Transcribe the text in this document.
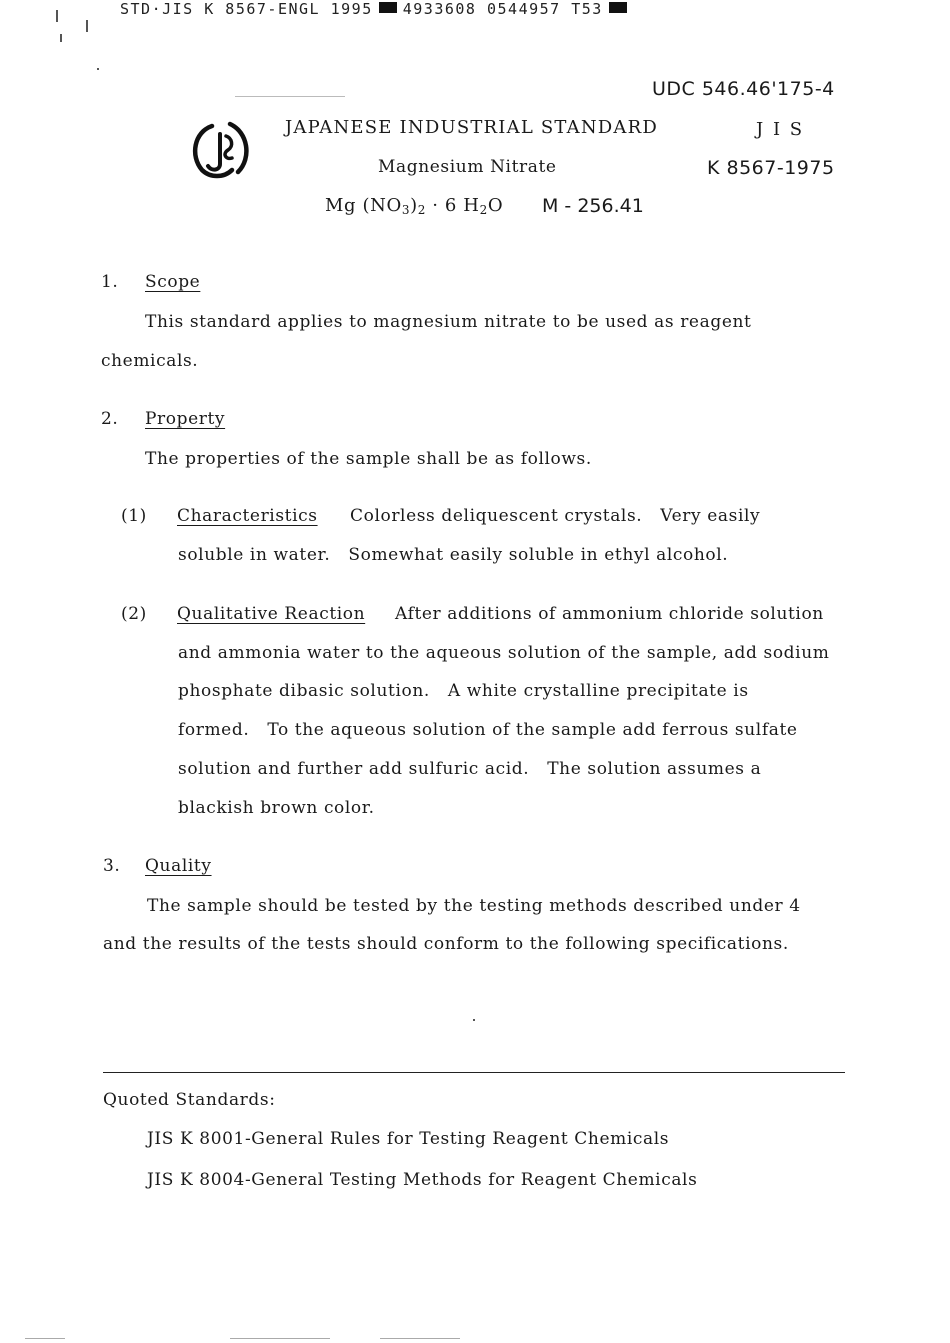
STD·JIS K 8567-ENGL 1995 4933608 0544957 T53
UDC 546.46'175-4
JAPANESE INDUSTRIAL STANDARD	J I S
Magnesium Nitrate	K 8567-1975
Mg $(NO_3)_2 \cdot 6$ $H_2O$ M - 256.41
1. Scope
This standard applies to magnesium nitrate to be used as reagent
chemicals.
2. Property
The properties of the sample shall be as follows.
(1) Characteristics Colorless deliquescent crystals.   Very easily
soluble in water.   Somewhat easily soluble in ethyl alcohol.
(2) Qualitative Reaction After additions of ammonium chloride solution
and ammonia water to the aqueous solution of the sample, add sodium
phosphate dibasic solution.   A white crystalline precipitate is
formed.   To the aqueous solution of the sample add ferrous sulfate
solution and further add sulfuric acid.   The solution assumes a
blackish brown color.
3. Quality
The sample should be tested by the testing methods described under 4
and the results of the tests should conform to the following specifications.
Quoted Standards:
JIS K 8001-General Rules for Testing Reagent Chemicals
JIS K 8004-General Testing Methods for Reagent Chemicals
